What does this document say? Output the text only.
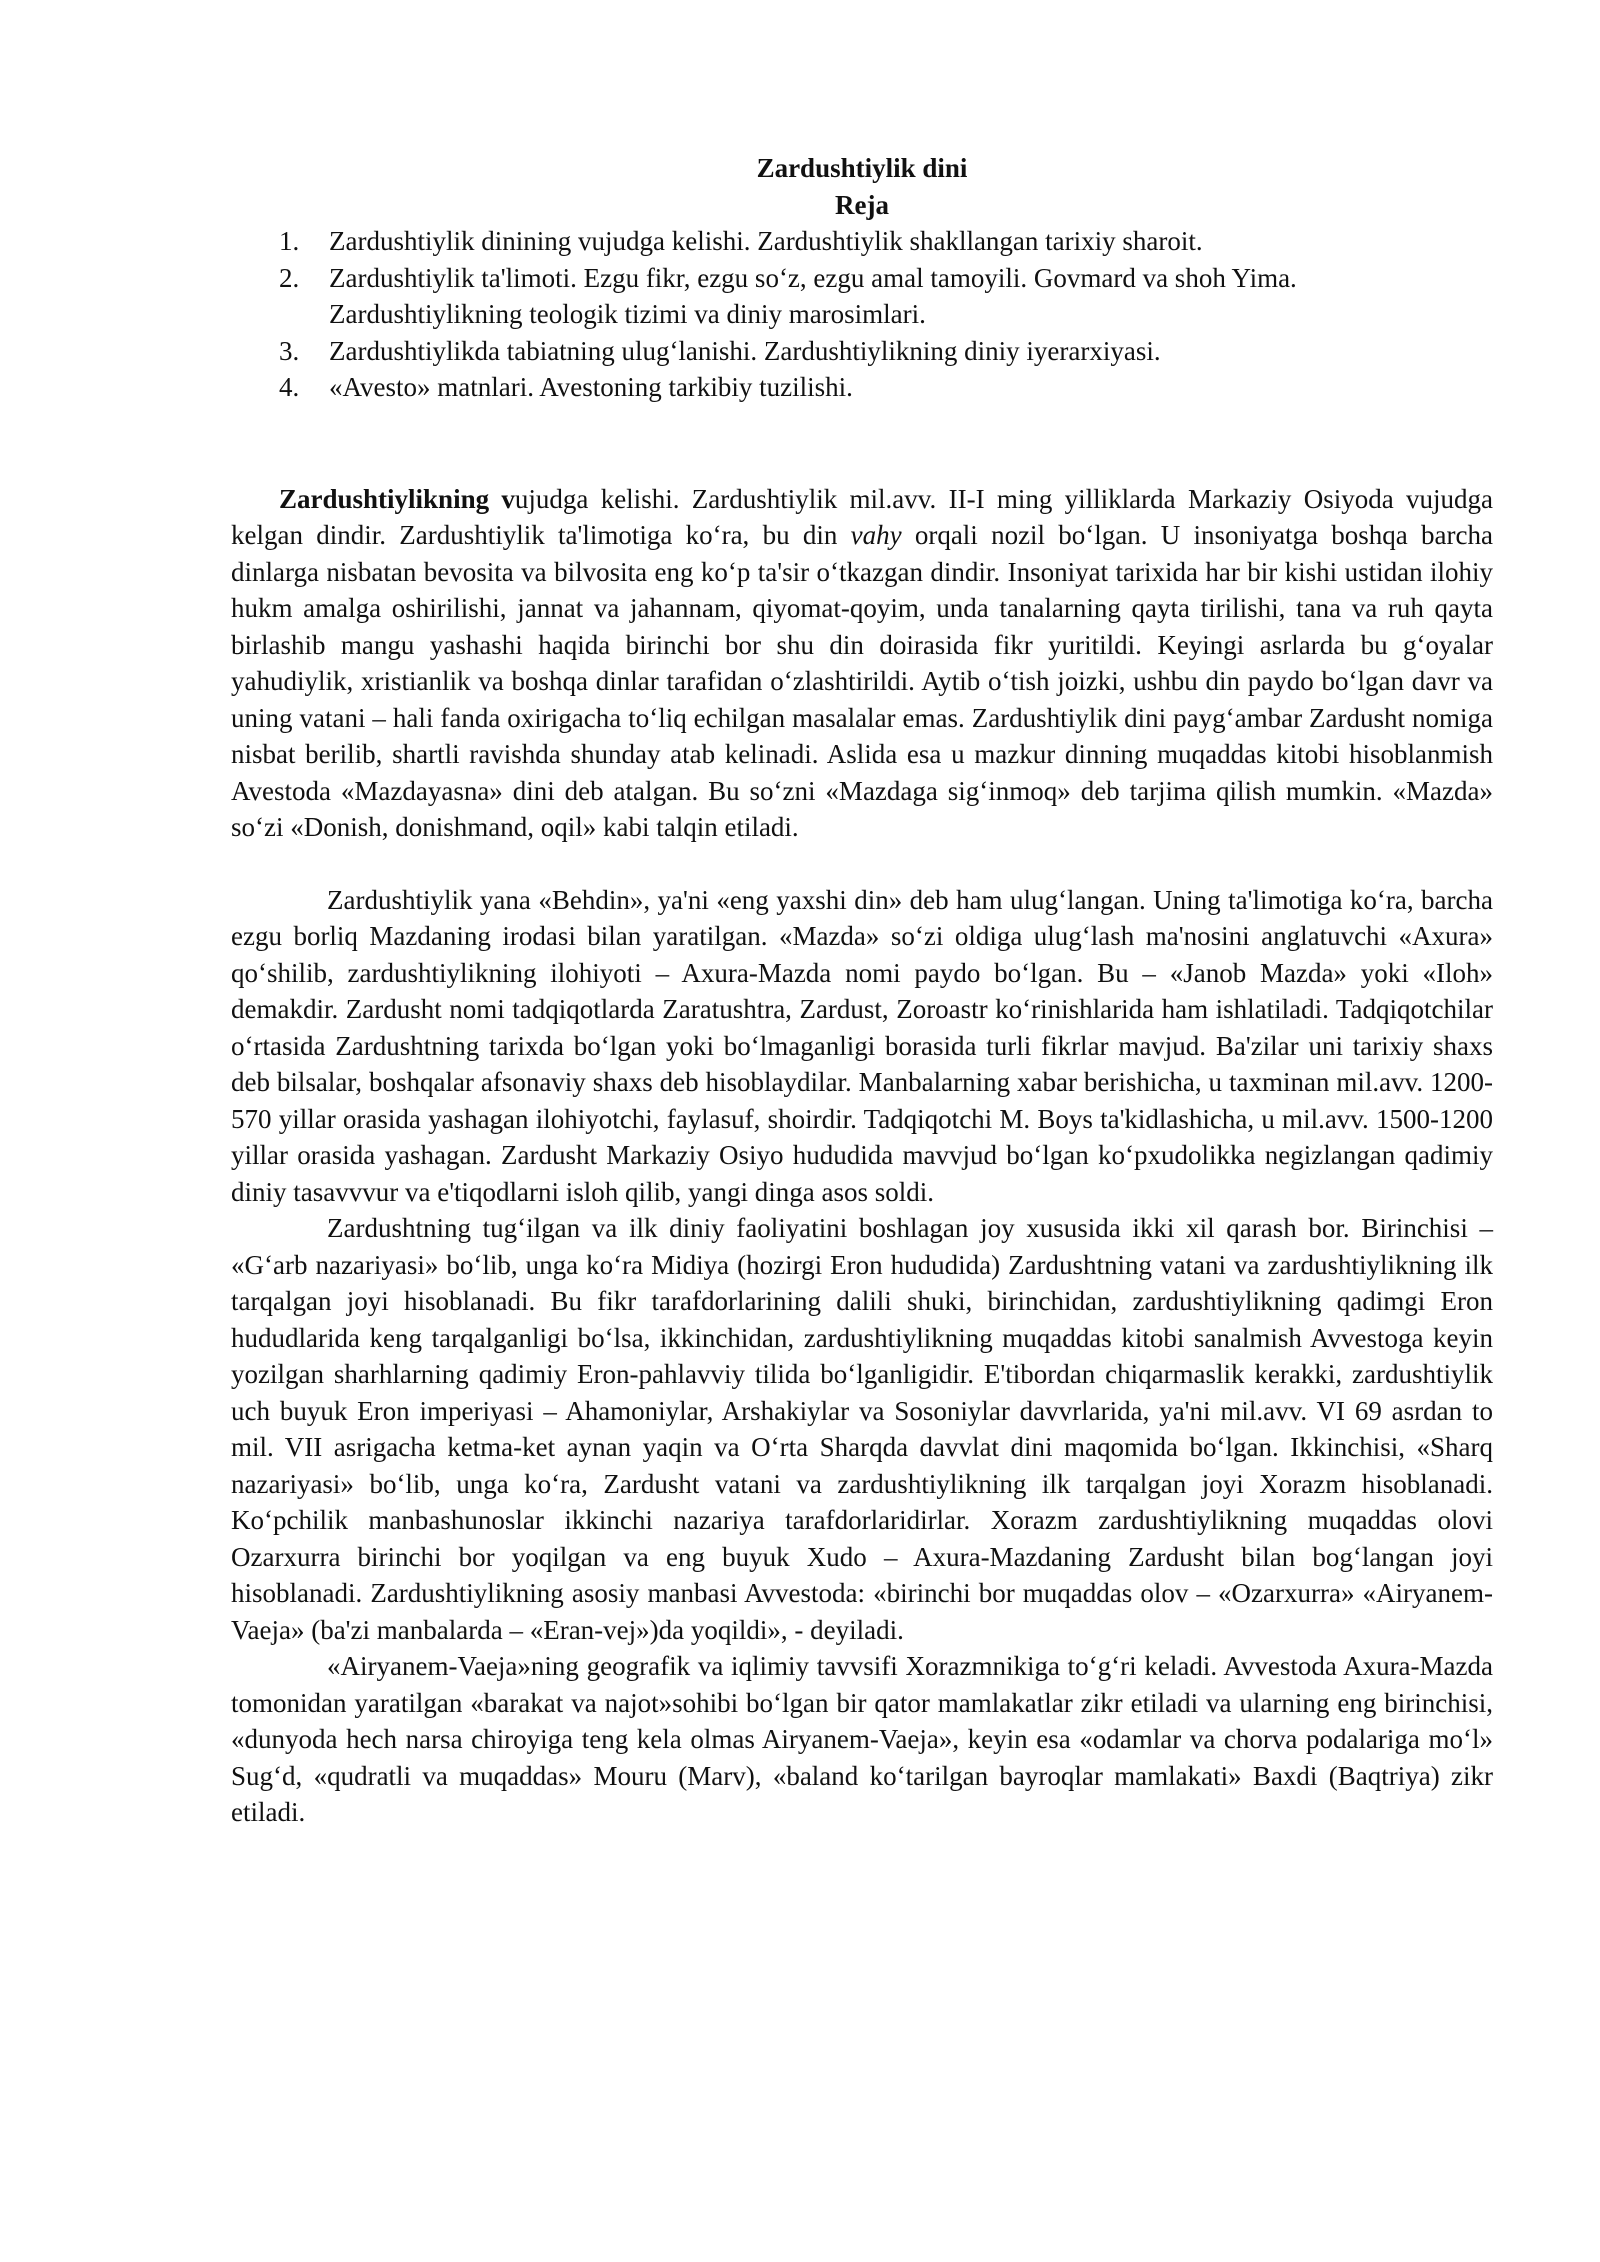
Zardushtiylik dini
Reja
1. Zardushtiylik dinining vujudga kelishi. Zardushtiylik shakllangan tarixiy sharoit.
2. Zardushtiylik ta'limoti. Ezgu fikr, ezgu so‘z, ezgu amal tamoyili. Govmard va shoh Yima. Zardushtiylikning teologik tizimi va diniy marosimlari.
3. Zardushtiylikda tabiatning ulug‘lanishi. Zardushtiylikning diniy iyerarxiyasi.
4. «Avesto» matnlari. Avestoning tarkibiy tuzilishi.

Zardushtiylikning vujudga kelishi. Zardushtiylik mil.avv. II-I ming yilliklarda Markaziy Osiyoda vujudga kelgan dindir. Zardushtiylik ta'limotiga ko‘ra, bu din vahy orqali nozil bo‘lgan. U insoniyatga boshqa barcha dinlarga nisbatan bevosita va bilvosita eng ko‘p ta'sir o‘tkazgan dindir. Insoniyat tarixida har bir kishi ustidan ilohiy hukm amalga oshirilishi, jannat va jahannam, qiyomat-qoyim, unda tanalarning qayta tirilishi, tana va ruh qayta birlashib mangu yashashi haqida birinchi bor shu din doirasida fikr yuritildi. Keyingi asrlarda bu g‘oyalar yahudiylik, xristianlik va boshqa dinlar tarafidan o‘zlashtirildi. Aytib o‘tish joizki, ushbu din paydo bo‘lgan davr va uning vatani – hali fanda oxirigacha to‘liq echilgan masalalar emas. Zardushtiylik dini payg‘ambar Zardusht nomiga nisbat berilib, shartli ravishda shunday atab kelinadi. Aslida esa u mazkur dinning muqaddas kitobi hisoblanmish Avestoda «Mazdayasna» dini deb atalgan. Bu so‘zni «Mazdaga sig‘inmoq» deb tarjima qilish mumkin. «Mazda» so‘zi «Donish, donishmand, oqil» kabi talqin etiladi.

Zardushtiylik yana «Behdin», ya'ni «eng yaxshi din» deb ham ulug‘langan. Uning ta'limotiga ko‘ra, barcha ezgu borliq Mazdaning irodasi bilan yaratilgan. «Mazda» so‘zi oldiga ulug‘lash ma'nosini anglatuvchi «Axura» qo‘shilib, zardushtiylikning ilohiyoti – Axura-Mazda nomi paydo bo‘lgan. Bu – «Janob Mazda» yoki «Iloh» demakdir. Zardusht nomi tadqiqotlarda Zaratushtra, Zardust, Zoroastr ko‘rinishlarida ham ishlatiladi. Tadqiqotchilar o‘rtasida Zardushtning tarixda bo‘lgan yoki bo‘lmaganligi borasida turli fikrlar mavjud. Ba'zilar uni tarixiy shaxs deb bilsalar, boshqalar afsonaviy shaxs deb hisoblaydilar. Manbalarning xabar berishicha, u taxminan mil.avv. 1200-570 yillar orasida yashagan ilohiyotchi, faylasuf, shoirdir. Tadqiqotchi M. Boys ta'kidlashicha, u mil.avv. 1500-1200 yillar orasida yashagan. Zardusht Markaziy Osiyo hududida mavvjud bo‘lgan ko‘pxudolikka negizlangan qadimiy diniy tasavvvur va e'tiqodlarni isloh qilib, yangi dinga asos soldi.

Zardushtning tug‘ilgan va ilk diniy faoliyatini boshlagan joy xususida ikki xil qarash bor. Birinchisi – «G‘arb nazariyasi» bo‘lib, unga ko‘ra Midiya (hozirgi Eron hududida) Zardushtning vatani va zardushtiylikning ilk tarqalgan joyi hisoblanadi. Bu fikr tarafdorlarining dalili shuki, birinchidan, zardushtiylikning qadimgi Eron hududlarida keng tarqalganligi bo‘lsa, ikkinchidan, zardushtiylikning muqaddas kitobi sanalmish Avvestoga keyin yozilgan sharhlarning qadimiy Eron-pahlavviy tilida bo‘lganligidir. E'tibordan chiqarmaslik kerakki, zardushtiylik uch buyuk Eron imperiyasi – Ahamoniylar, Arshakiylar va Sosoniylar davvrlarida, ya'ni mil.avv. VI 69 asrdan to mil. VII asrigacha ketma-ket aynan yaqin va O‘rta Sharqda davvlat dini maqomida bo‘lgan. Ikkinchisi, «Sharq nazariyasi» bo‘lib, unga ko‘ra, Zardusht vatani va zardushtiylikning ilk tarqalgan joyi Xorazm hisoblanadi. Ko‘pchilik manbashunoslar ikkinchi nazariya tarafdorlaridirlar. Xorazm zardushtiylikning muqaddas olovi Ozarxurra birinchi bor yoqilgan va eng buyuk Xudo – Axura-Mazdaning Zardusht bilan bog‘langan joyi hisoblanadi. Zardushtiylikning asosiy manbasi Avvestoda: «birinchi bor muqaddas olov – «Ozarxurra» «Airyanem-Vaeja» (ba'zi manbalarda – «Eran-vej»)da yoqildi», - deyiladi.

«Airyanem-Vaeja»ning geografik va iqlimiy tavvsifi Xorazmnikiga to‘g‘ri keladi. Avvestoda Axura-Mazda tomonidan yaratilgan «barakat va najot»sohibi bo‘lgan bir qator mamlakatlar zikr etiladi va ularning eng birinchisi, «dunyoda hech narsa chiroyiga teng kela olmas Airyanem-Vaeja», keyin esa «odamlar va chorva podalariga mo‘l» Sug‘d, «qudratli va muqaddas» Mouru (Marv), «baland ko‘tarilgan bayroqlar mamlakati» Baxdi (Baqtriya) zikr etiladi.
